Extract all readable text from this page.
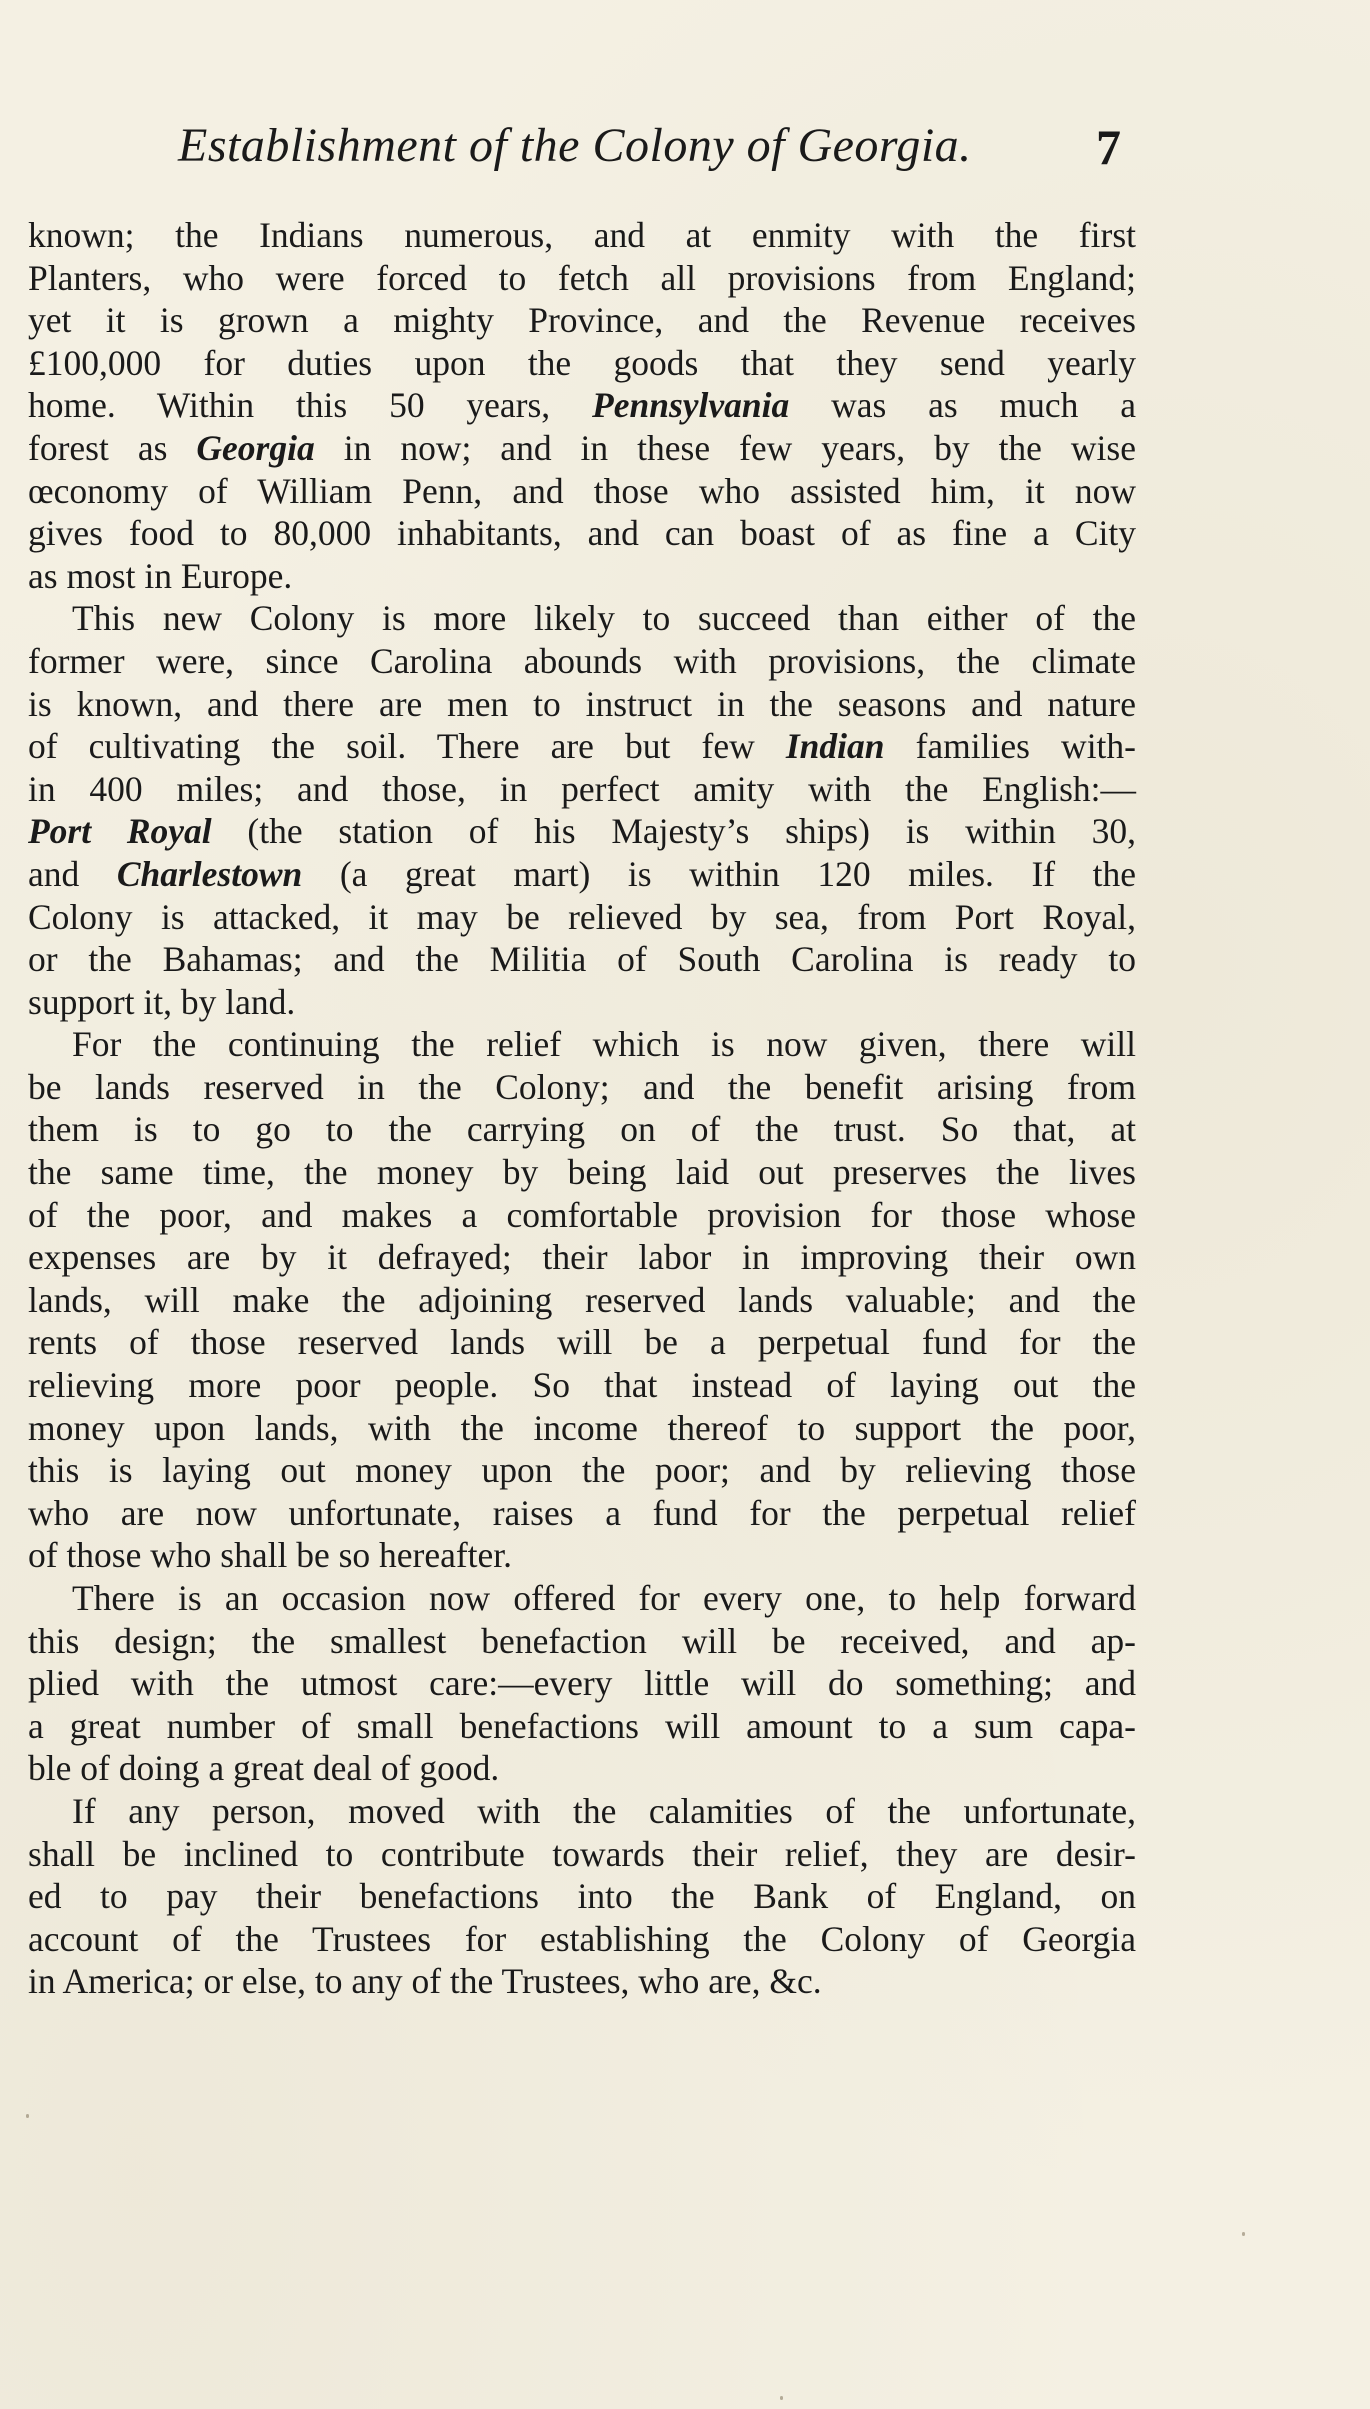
Establishment of the Colony of Georgia. 7
known; the Indians numerous, and at enmity with the first
Planters, who were forced to fetch all provisions from England;
yet it is grown a mighty Province, and the Revenue receives
£100,000 for duties upon the goods that they send yearly
home. Within this 50 years, Pennsylvania was as much a
forest as Georgia in now; and in these few years, by the wise
œconomy of William Penn, and those who assisted him, it now
gives food to 80,000 inhabitants, and can boast of as fine a City
as most in Europe.
This new Colony is more likely to succeed than either of the
former were, since Carolina abounds with provisions, the climate
is known, and there are men to instruct in the seasons and nature
of cultivating the soil. There are but few Indian families with-
in 400 miles; and those, in perfect amity with the English:—
Port Royal (the station of his Majesty’s ships) is within 30,
and Charlestown (a great mart) is within 120 miles. If the
Colony is attacked, it may be relieved by sea, from Port Royal,
or the Bahamas; and the Militia of South Carolina is ready to
support it, by land.
For the continuing the relief which is now given, there will
be lands reserved in the Colony; and the benefit arising from
them is to go to the carrying on of the trust. So that, at
the same time, the money by being laid out preserves the lives
of the poor, and makes a comfortable provision for those whose
expenses are by it defrayed; their labor in improving their own
lands, will make the adjoining reserved lands valuable; and the
rents of those reserved lands will be a perpetual fund for the
relieving more poor people. So that instead of laying out the
money upon lands, with the income thereof to support the poor,
this is laying out money upon the poor; and by relieving those
who are now unfortunate, raises a fund for the perpetual relief
of those who shall be so hereafter.
There is an occasion now offered for every one, to help forward
this design; the smallest benefaction will be received, and ap-
plied with the utmost care:—every little will do something; and
a great number of small benefactions will amount to a sum capa-
ble of doing a great deal of good.
If any person, moved with the calamities of the unfortunate,
shall be inclined to contribute towards their relief, they are desir-
ed to pay their benefactions into the Bank of England, on
account of the Trustees for establishing the Colony of Georgia
in America; or else, to any of the Trustees, who are, &c.
